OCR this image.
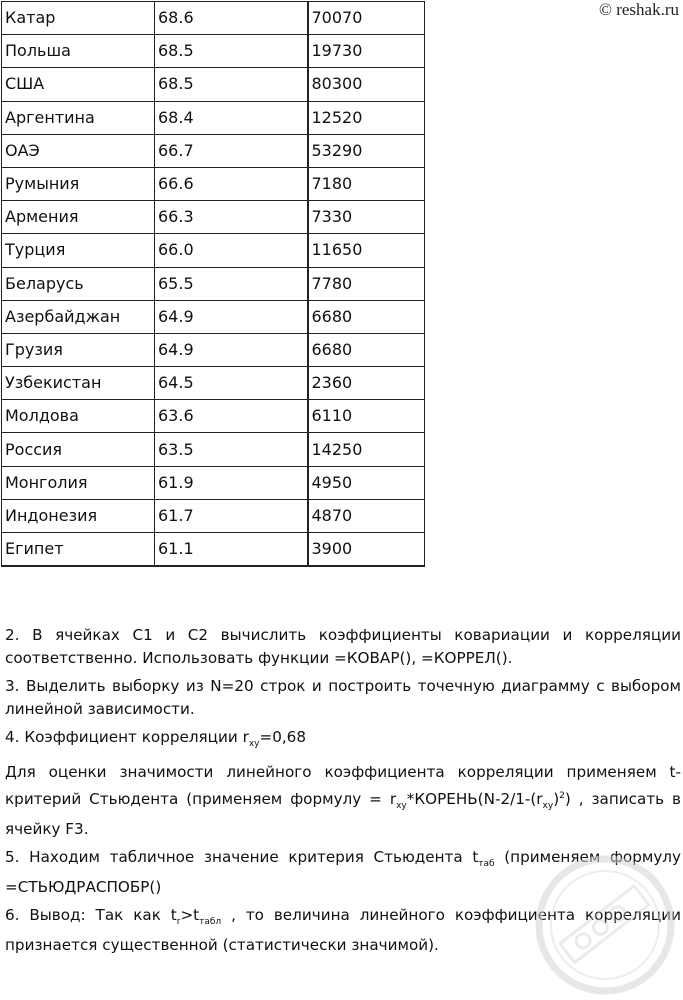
© reshak.ru
Катар	68.6	70070
Польша	68.5	19730
США	68.5	80300
Аргентина	68.4	12520
ОАЭ	66.7	53290
Румыния	66.6	7180
Армения	66.3	7330
Турция	66.0	11650
Беларусь	65.5	7780
Азербайджан	64.9	6680
Грузия	64.9	6680
Узбекистан	64.5	2360
Молдова	63.6	6110
Россия	63.5	14250
Монголия	61.9	4950
Индонезия	61.7	4870
Египет	61.1	3900

2. В ячейках С1 и С2 вычислить коэффициенты ковариации и корреляции соответственно. Использовать функции =КОВАР(), =КОРРЕЛ().

3. Выделить выборку из N=20 строк и построить точечную диаграмму с выбором линейной зависимости.

4. Коэффициент корреляции $r_{xy}=0,68$

Для оценки значимости линейного коэффициента корреляции применяем t-критерий Стьюдента (применяем формулу = $r_{xy}*КОРЕНЬ(N-2/1-(r_{xy})^2)$ , записать в ячейку F3.

5. Находим табличное значение критерия Стьюдента $t_{таб}$ (применяем формулу =СТЬЮДРАСПОБР()

6. Вывод: Так как $t_r>t_{табл}$ , то величина линейного коэффициента корреляции признается существенной (статистически значимой).
